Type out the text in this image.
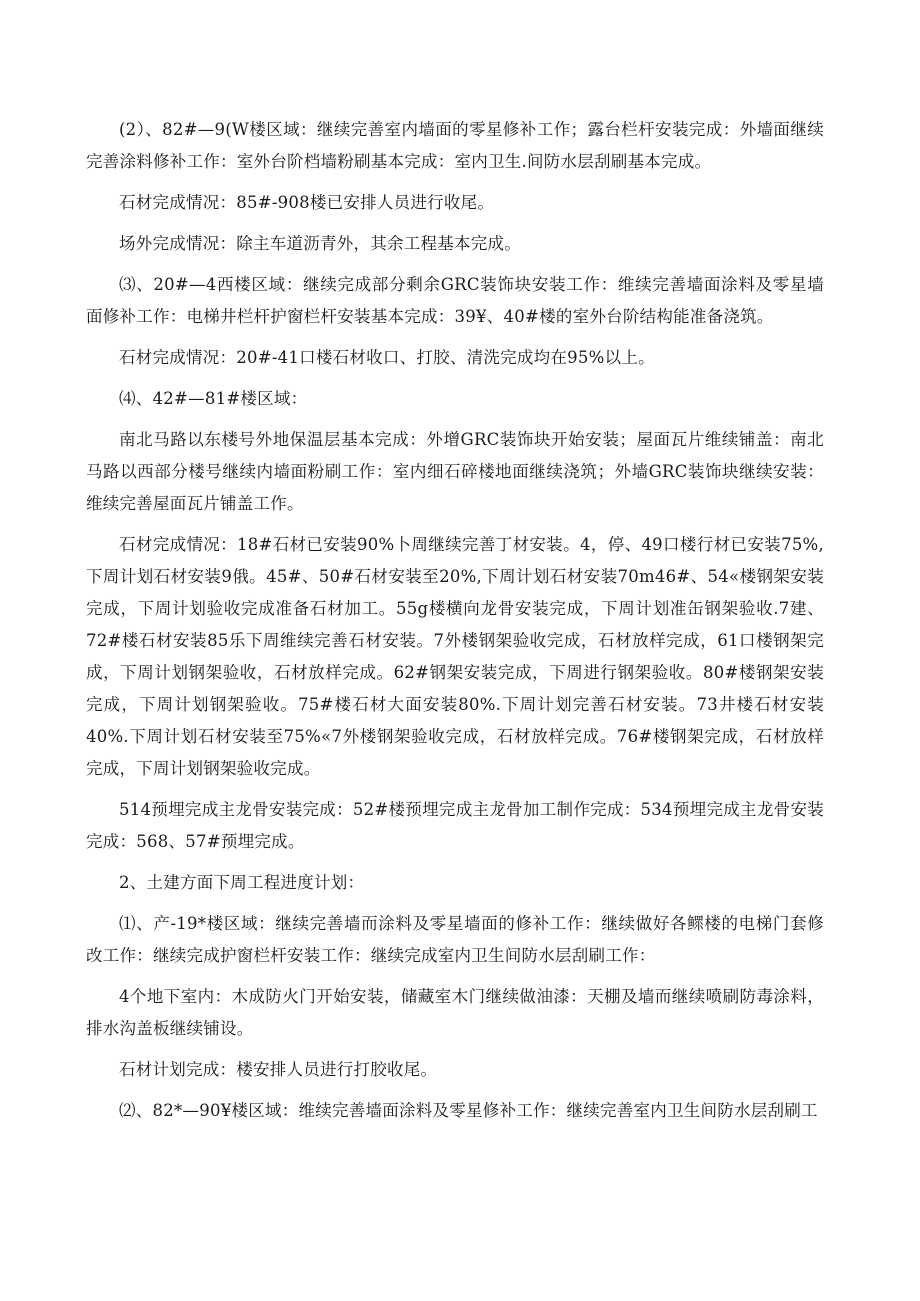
(2）、82#—9(W楼区域：继续完善室内墙面的零星修补工作；露台栏杆安装完成：外墙面继续完善涂料修补工作：室外台阶档墙粉刷基本完成：室内卫生.间防水层刮刷基本完成。

石材完成情况：85#-908楼已安排人员进行收尾。

场外完成情况：除主车道沥青外，其余工程基本完成。

⑶、20#—4西楼区域：继续完成部分剩余GRC装饰块安装工作：维续完善墙面涂料及零星墙面修补工作：电梯井栏杆护窗栏杆安装基本完成：39¥、40#楼的室外台阶结构能准备浇筑。

石材完成情况：20#-41口楼石材收口、打胶、清洗完成均在95%以上。

⑷、42#—81#楼区域：

南北马路以东楼号外地保温层基本完成：外增GRC装饰块开始安装；屋面瓦片维续铺盖：南北马路以西部分楼号继续内墙面粉刷工作：室内细石碎楼地面继续浇筑；外墙GRC装饰块继续安装：维续完善屋面瓦片铺盖工作。

石材完成情况：18#石材已安装90%卜周继续完善丁材安装。4，停、49口楼行材已安装75%,下周计划石材安装9俄。45#、50#石材安装至20%,下周计划石材安装70m46#、54«楼钢架安装完成，下周计划验收完成准备石材加工。55g楼横向龙骨安装完成，下周计划准缶钢架验收.7建、72#楼石材安装85乐下周维续完善石材安装。7外楼钢架验收完成，石材放样完成，61口楼钢架完成，下周计划钢架验收，石材放样完成。62#钢架安装完成，下周进行钢架验收。80#楼钢架安装完成，下周计划钢架验收。75#楼石材大面安装80%.下周计划完善石材安装。73井楼石材安装40%.下周计划石材安装至75%«7外楼钢架验收完成，石材放样完成。76#楼钢架完成，石材放样完成，下周计划钢架验收完成。

514预埋完成主龙骨安装完成：52#楼预埋完成主龙骨加工制作完成：534预埋完成主龙骨安装完成：568、57#预埋完成。

2、土建方面下周工程进度计划：

⑴、产-19*楼区域：继续完善墙而涂料及零星墙面的修补工作：继续做好各鳏楼的电梯门套修改工作：继续完成护窗栏杆安装工作：继续完成室内卫生间防水层刮刷工作：

4个地下室内：木成防火门开始安装，储藏室木门继续做油漆：天棚及墙而继续喷刷防毒涂料，排水沟盖板继续铺设。

石材计划完成：楼安排人员进行打胶收尾。

⑵、82*—90¥楼区域：维续完善墙面涂料及零星修补工作：继续完善室内卫生间防水层刮刷工
